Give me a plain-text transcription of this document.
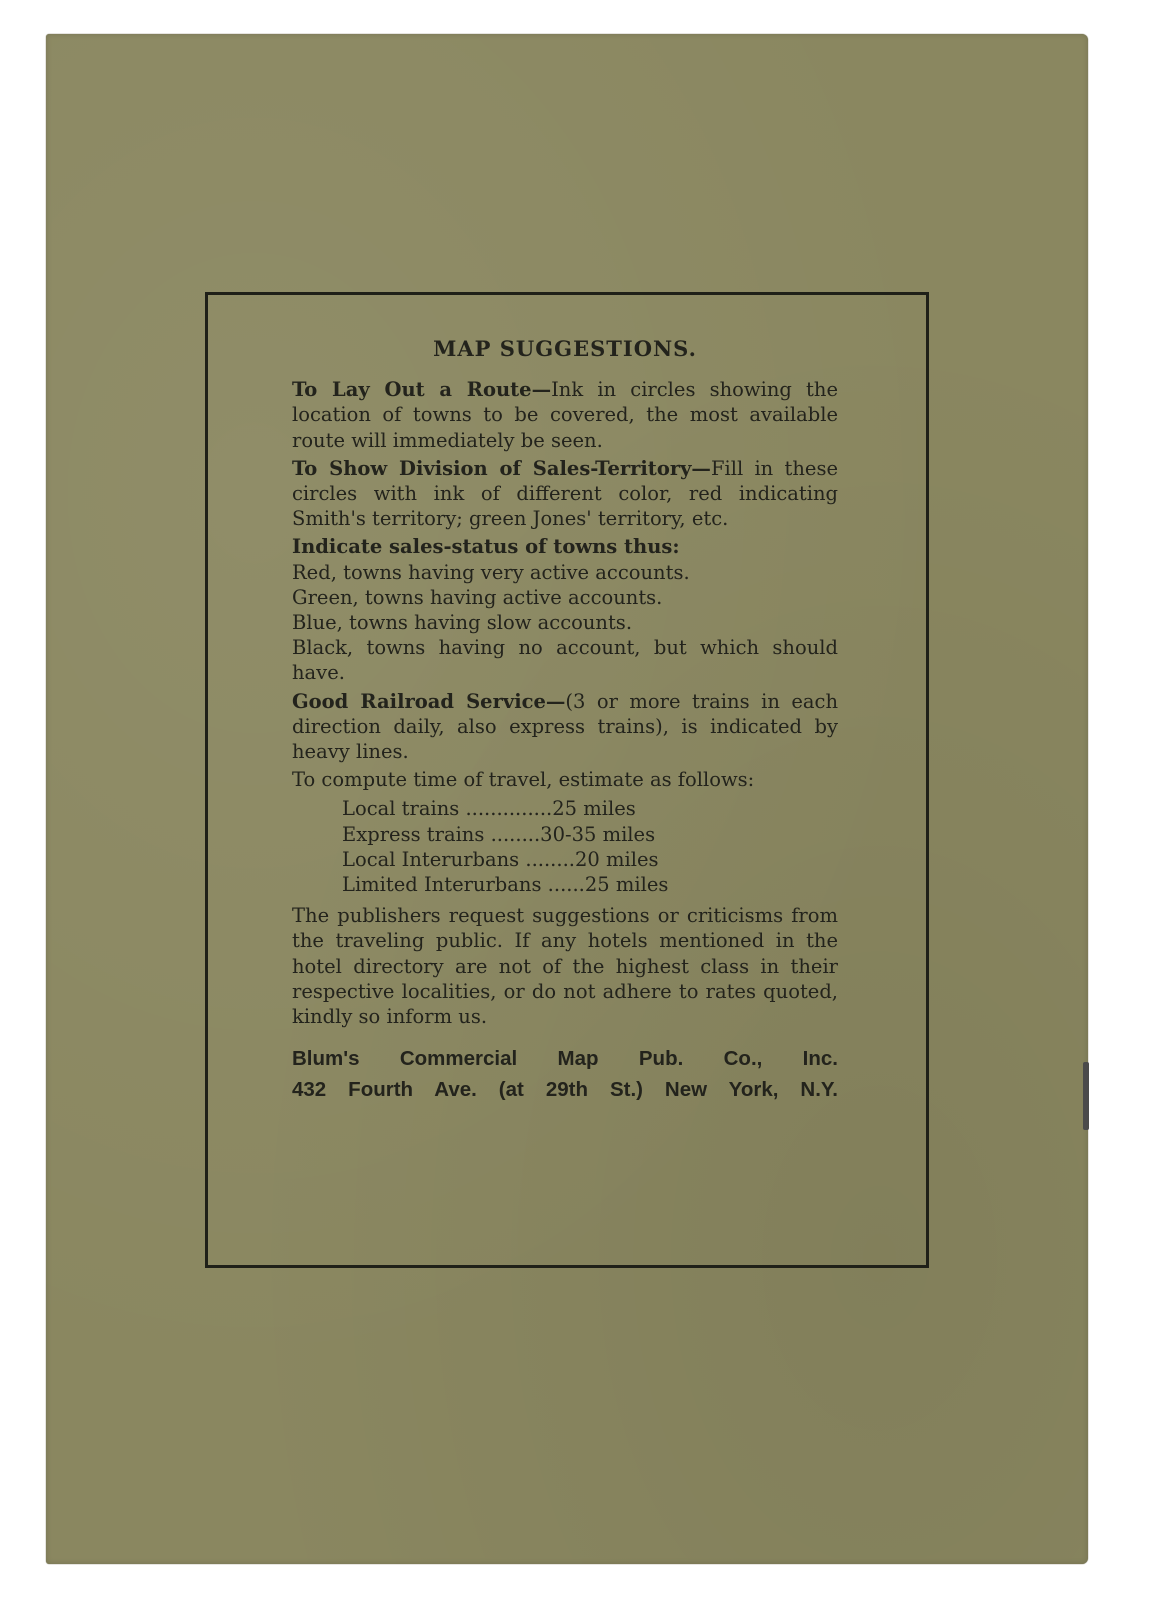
MAP SUGGESTIONS.
To Lay Out a Route—Ink in circles showing the location of towns to be covered, the most available route will immediately be seen.
To Show Division of Sales-Territory—Fill in these circles with ink of different color, red indicating Smith's territory; green Jones' territory, etc.
Indicate sales-status of towns thus:
Red, towns having very active accounts.
Green, towns having active accounts.
Blue, towns having slow accounts.
Black, towns having no account, but which should have.
Good Railroad Service—(3 or more trains in each direction daily, also express trains), is indicated by heavy lines.
To compute time of travel, estimate as follows:
Local trains ..............25 miles
Express trains ........30-35 miles
Local Interurbans ........20 miles
Limited Interurbans ......25 miles
The publishers request suggestions or criticisms from the traveling public. If any hotels mentioned in the hotel directory are not of the highest class in their respective localities, or do not adhere to rates quoted, kindly so inform us.
Blum's Commercial Map Pub. Co., Inc.
432 Fourth Ave. (at 29th St.) New York, N.Y.
